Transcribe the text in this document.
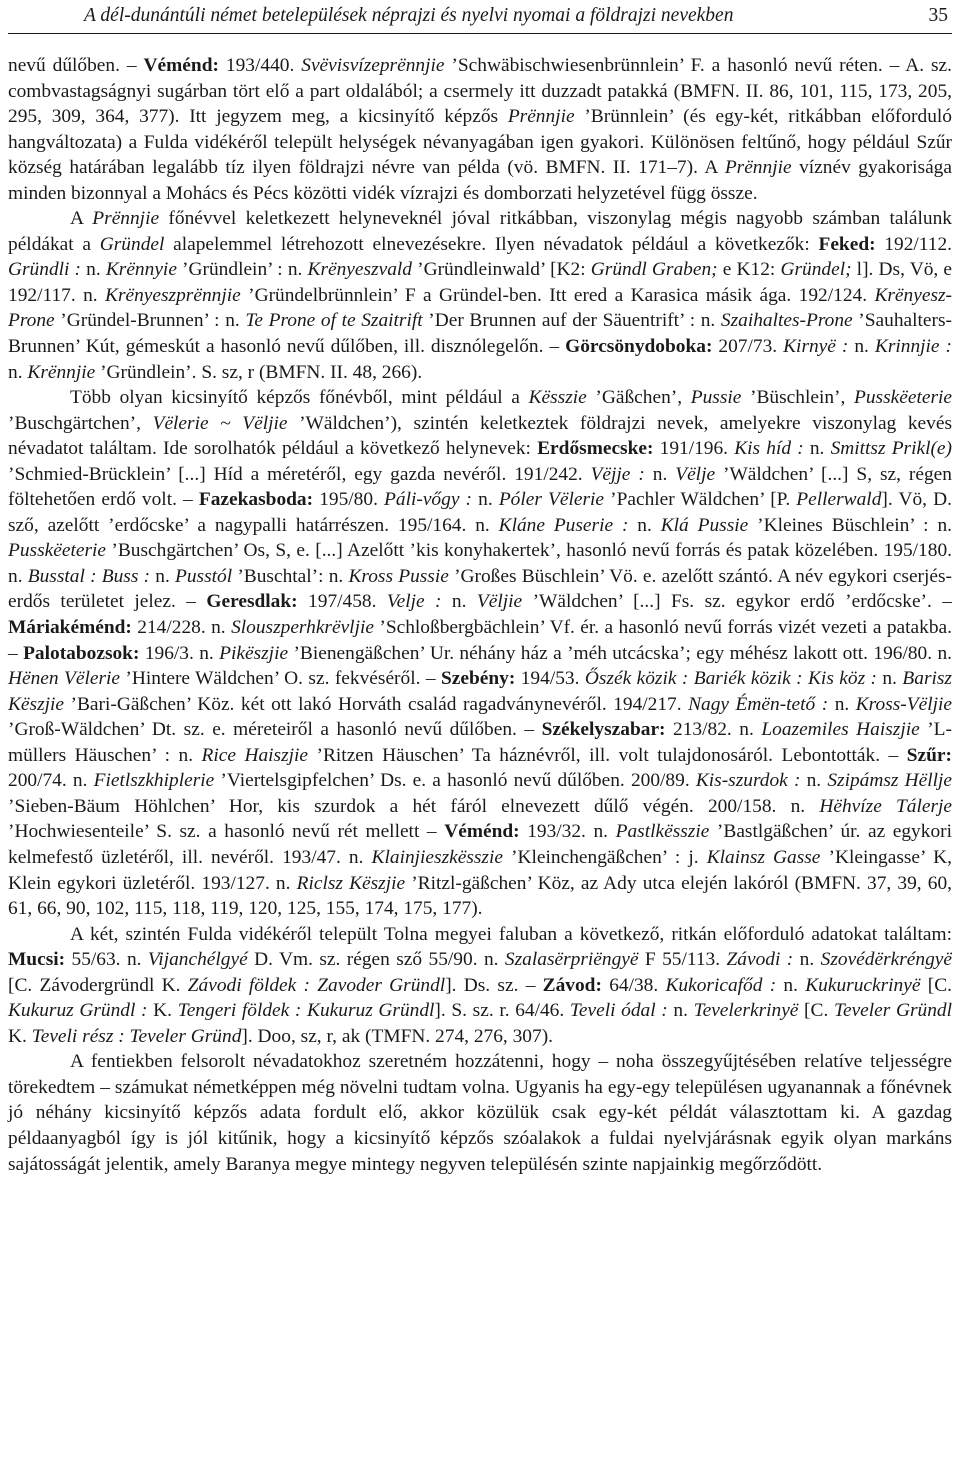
A dél-dunántúli német betelepülések néprajzi és nyelvi nyomai a földrajzi nevekben	35

nevű dűlőben. – Véménd: 193/440. Svëvisvízeprënnjie ’Schwäbischwiesenbrünnlein’ F. a hasonló nevű réten. – A. sz. combvastagságnyi sugárban tört elő a part oldalából; a csermely itt duzzadt patakká (BMFN. II. 86, 101, 115, 173, 205, 295, 309, 364, 377). Itt jegyzem meg, a kicsinyítő képzős Prënnjie ’Brünnlein’ (és egy-két, ritkábban előforduló hangváltozata) a Fulda vidékéről települt helységek névanyagában igen gyakori. Különösen feltűnő, hogy például Szűr község határában legalább tíz ilyen földrajzi névre van példa (vö. BMFN. II. 171–7). A Prënnjie víznév gyakorisága minden bizonnyal a Mohács és Pécs közötti vidék vízrajzi és domborzati helyzetével függ össze.

A Prënnjie főnévvel keletkezett helyneveknél jóval ritkábban, viszonylag mégis nagyobb számban találunk példákat a Gründel alapelemmel létrehozott elnevezésekre. Ilyen névadatok például a következők: Feked: 192/112. Gründli : n. Krënnyie ’Gründlein’ : n. Krënyeszvald ’Gründleinwald’ [K2: Gründl Graben; e K12: Gründel; l]. Ds, Vö, e 192/117. n. Krënyeszprënnjie ’Gründelbrünnlein’ F a Gründel-ben. Itt ered a Karasica másik ága. 192/124. Krënyesz-Prone ’Gründel-Brunnen’ : n. Te Prone of te Szaitrift ’Der Brunnen auf der Säuentrift’ : n. Szaihaltes-Prone ’Sauhalters-Brunnen’ Kút, gémeskút a hasonló nevű dűlőben, ill. disznólegelőn. – Görcsönydoboka: 207/73. Kirnyë : n. Krinnjie : n. Krënnjie ’Gründlein’. S. sz, r (BMFN. II. 48, 266).

Több olyan kicsinyítő képzős főnévből, mint például a Kësszie ’Gäßchen’, Pussie ’Büschlein’, Pusskëeterie ’Buschgärtchen’, Vëlerie ~ Vëljie ’Wäldchen’), szintén keletkeztek földrajzi nevek, amelyekre viszonylag kevés névadatot találtam. Ide sorolhatók például a következő helynevek: Erdősmecske: 191/196. Kis híd : n. Smittsz Prikl(e) ’Schmied-Brücklein’ [...] Híd a méretéről, egy gazda nevéről. 191/242. Vëjje : n. Vëlje ’Wäldchen’ [...] S, sz, régen föltehetően erdő volt. – Fazekasboda: 195/80. Páli-vőgy : n. Póler Vëlerie ’Pachler Wäldchen’ [P. Pellerwald]. Vö, D. sző, azelőtt ’erdőcske’ a nagypalli határrészen. 195/164. n. Kláne Puserie : n. Klá Pussie ’Kleines Büschlein’ : n. Pusskëeterie ’Buschgärtchen’ Os, S, e. [...] Azelőtt ’kis konyhakertek’, hasonló nevű forrás és patak közelében. 195/180. n. Busstal : Buss : n. Pusstól ’Buschtal’: n. Kross Pussie ’Großes Büschlein’ Vö. e. azelőtt szántó. A név egykori cserjés-erdős területet jelez. – Geresdlak: 197/458. Velje : n. Vëljie ’Wäldchen’ [...] Fs. sz. egykor erdő ’erdőcske’. – Máriakéménd: 214/228. n. Slouszperhkrëvljie ’Schloßbergbächlein’ Vf. ér. a hasonló nevű forrás vizét vezeti a patakba. – Palotabozsok: 196/3. n. Pikëszjie ’Bienengäßchen’ Ur. néhány ház a ’méh utcácska’; egy méhész lakott ott. 196/80. n. Hënen Vëlerie ’Hintere Wäldchen’ O. sz. fekvéséről. – Szebény: 194/53. Őszék közik : Bariék közik : Kis köz : n. Barisz Këszjie ’Bari-Gäßchen’ Köz. két ott lakó Horváth család ragadványnevéről. 194/217. Nagy Émën-tető : n. Kross-Vëljie ’Groß-Wäldchen’ Dt. sz. e. méreteiről a hasonló nevű dűlőben. – Székelyszabar: 213/82. n. Loazemiles Haiszjie ’L-müllers Häuschen’ : n. Rice Haiszjie ’Ritzen Häuschen’ Ta háznévről, ill. volt tulajdonosáról. Lebontották. – Szűr: 200/74. n. Fietlszkhiplerie ’Viertelsgipfelchen’ Ds. e. a hasonló nevű dűlőben. 200/89. Kis-szurdok : n. Szipámsz Hëllje ’Sieben-Bäum Höhlchen’ Hor, kis szurdok a hét fáról elnevezett dűlő végén. 200/158. n. Hëhvíze Tálerje ’Hochwiesenteile’ S. sz. a hasonló nevű rét mellett – Véménd: 193/32. n. Pastlkësszie ’Bastlgäßchen’ úr. az egykori kelmefestő üzletéről, ill. nevéről. 193/47. n. Klainjieszkësszie ’Kleinchengäßchen’ : j. Klainsz Gasse ’Kleingasse’ K, Klein egykori üzletéről. 193/127. n. Riclsz Këszjie ’Ritzl-gäßchen’ Köz, az Ady utca elején lakóról (BMFN. 37, 39, 60, 61, 66, 90, 102, 115, 118, 119, 120, 125, 155, 174, 175, 177).

A két, szintén Fulda vidékéről települt Tolna megyei faluban a következő, ritkán előforduló adatokat találtam: Mucsi: 55/63. n. Vijanchélgyé D. Vm. sz. régen sző 55/90. n. Szalasërpriëngyë F 55/113. Závodi : n. Szovédërkréngyë [C. Závodergründl K. Závodi földek : Zavoder Gründl]. Ds. sz. – Závod: 64/38. Kukoricafőd : n. Kukuruckrinyë [C. Kukuruz Gründl : K. Tengeri földek : Kukuruz Gründl]. S. sz. r. 64/46. Teveli ódal : n. Tevelerkrinyë [C. Teveler Gründl K. Teveli rész : Teveler Gründ]. Doo, sz, r, ak (TMFN. 274, 276, 307).

A fentiekben felsorolt névadatokhoz szeretném hozzátenni, hogy – noha összegyűjtésében relatíve teljességre törekedtem – számukat németképpen még növelni tudtam volna. Ugyanis ha egy-egy településen ugyanannak a főnévnek jó néhány kicsinyítő képzős adata fordult elő, akkor közülük csak egy-két példát választottam ki. A gazdag példaanyagból így is jól kitűnik, hogy a kicsinyítő képzős szóalakok a fuldai nyelvjárásnak egyik olyan markáns sajátosságát jelentik, amely Baranya megye mintegy negyven településén szinte napjainkig megőrződött.
